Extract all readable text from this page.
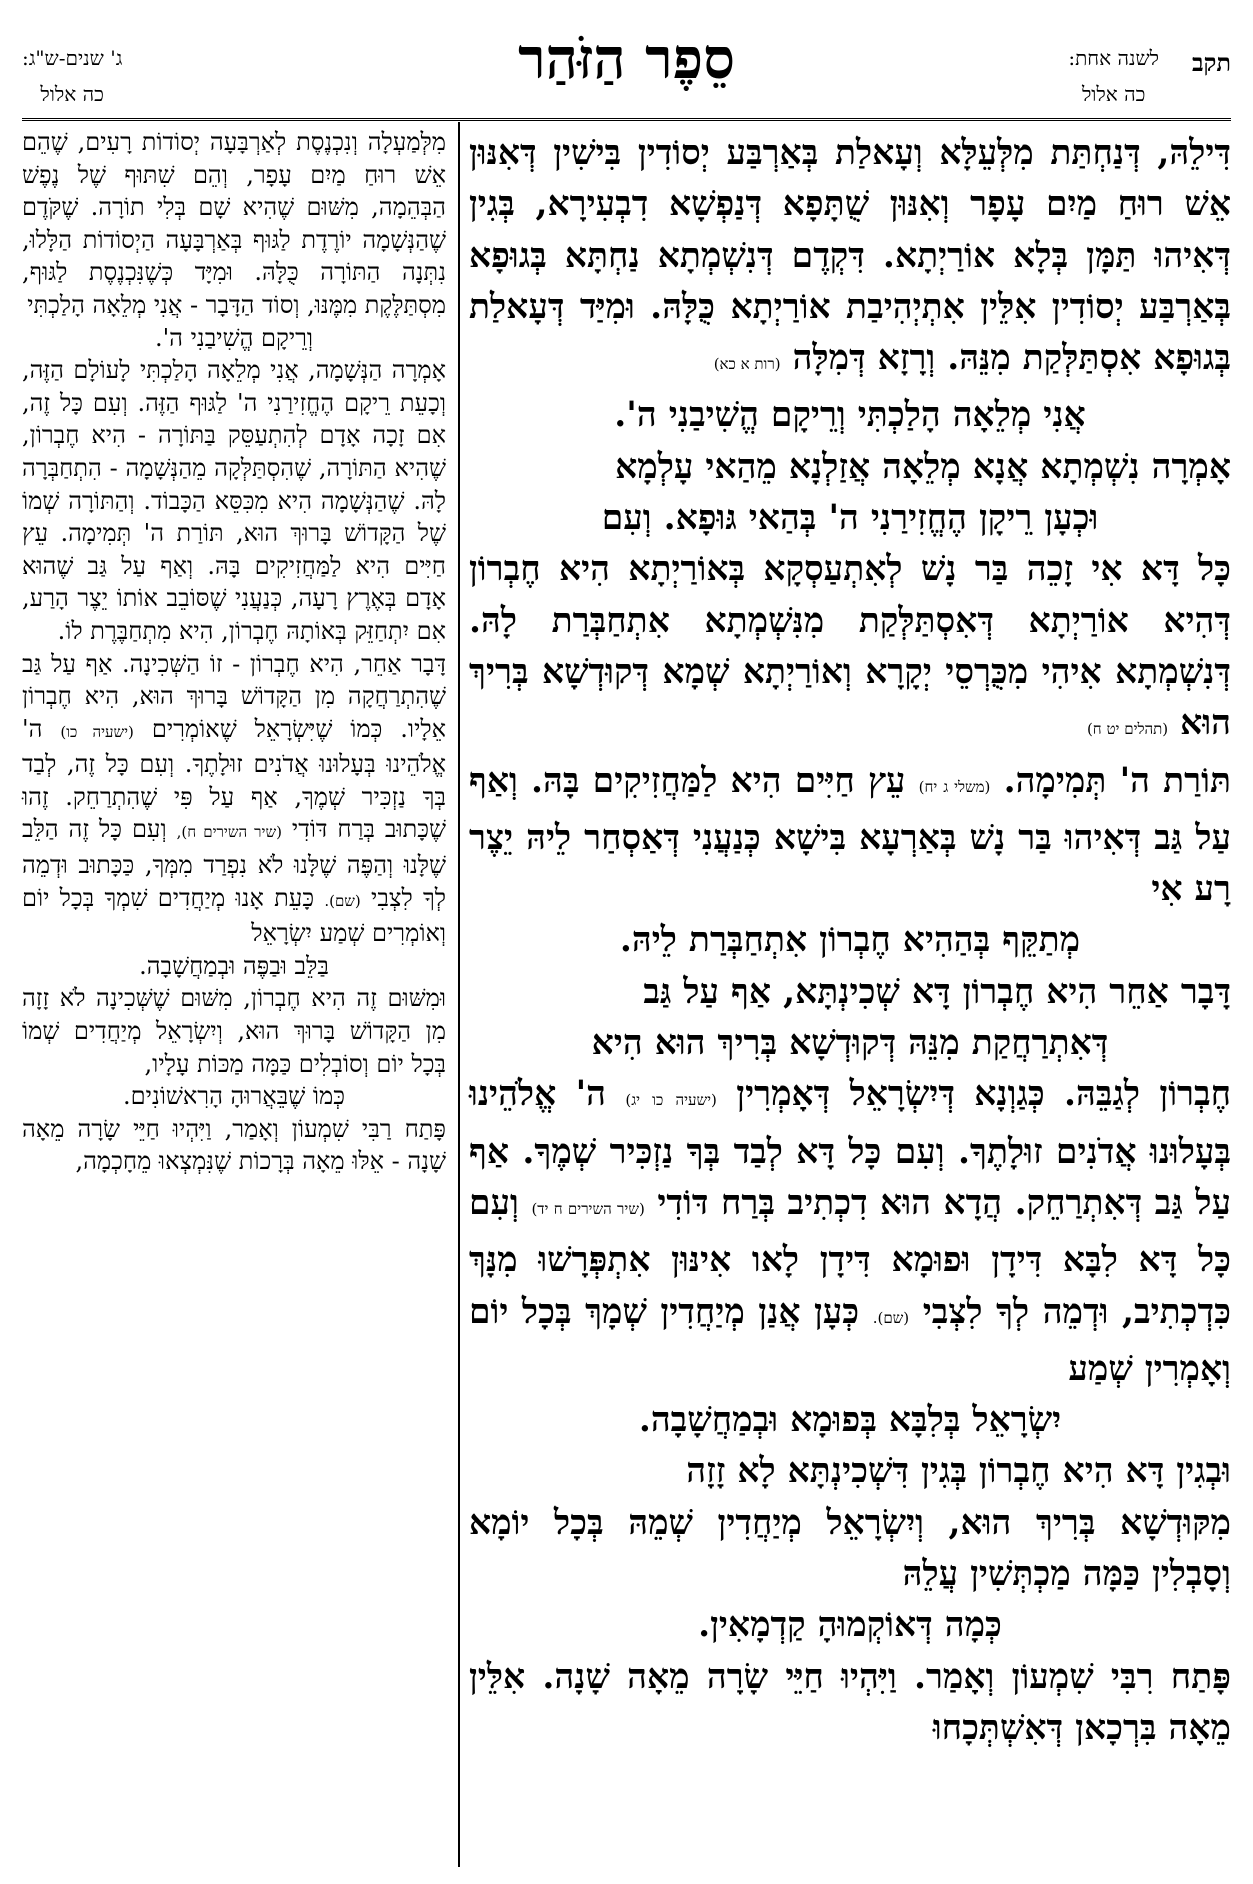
תקב
לשנה אחת:
כה אלול
סֵפֶר הַזֹּהַר
ג' שנים-ש"ג:
כה אלול

דִּילֵהּ, דְּנַחְתַּת מִלְּעֵלָּא וְעָאלַת בְּאַרְבַּע יְסוֹדִין בִּישִׁין דְּאִנּוּן אֵשׁ רוּחַ מַיִם עָפָר וְאִנּוּן שֻׁתָּפָא דְּנַפְשָׁא דִבְעִירָא, בְּגִין דְּאִיהוּ תַּמָּן בְּלָא אוֹרַיְתָא. דִּקְדֶם דְּנִשְׁמְתָא נַחְתָּא בְּגוּפָא בְּאַרְבַּע יְסוֹדִין אִלֵּין אִתְיְהִיבַת אוֹרַיְתָא כֻּלָּהּ. וּמִיַּד דְּעָאלַת בְּגוּפָא אִסְתַּלְּקַת מִנֵּהּ. וְרָזָא דְּמִלָּה (רות א כא)

אֲנִי מְלֵאָה הָלַכְתִּי וְרֵיקָם הֱשִׁיבַנִי ה'.

אָמְרָה נִשְׁמְתָא אֲנָא מְלֵאָה אֲזַלְנָא מֵהַאי עָלְמָא

וּכְעָן רֵיקָן הֶחֱזִירַנִי ה' בְּהַאי גּוּפָא. וְעִם

כָּל דָּא אִי זָכֵה בַּר נָשׁ לְאִתְעַסְקָא בְּאוֹרַיְתָא הִיא חֶבְרוֹן דְּהִיא אוֹרַיְתָא דְּאִסְתַּלְּקַת מִנִּשְׁמְתָא אִתְחַבְּרַת לָהּ. דְּנִשְׁמְתָא אִיהִי מִכֻּרְסֵי יְקָרָא וְאוֹרַיְתָא שְׁמָא דְּקוּדְשָׁא בְּרִיךְ הוּא (תהלים יט ח)

תּוֹרַת ה' תְּמִימָה. (משלי ג יח) עֵץ חַיִּים הִיא לַמַּחֲזִיקִים בָּהּ. וְאַף עַל גַּב דְּאִיהוּ בַּר נָשׁ בְּאַרְעָא בִּישָׁא כְּנַעֲנִי דְּאַסְחַר לֵיהּ יֵצֶר רָע אִי

מְתַקֵּף בְּהַהִיא חֶבְרוֹן אִתְחַבְּרַת לֵיהּ.

דָּבָר אַחֵר הִיא חֶבְרוֹן דָּא שְׁכִינְתָּא, אַף עַל גַּב

דְּאִתְרַחֲקַת מִנֵּהּ דְּקוּדְשָׁא בְּרִיךְ הוּא הִיא

חֶבְרוֹן לְגַבֵּהּ. כְּגַוְנָא דְּיִשְׂרָאֵל דְּאָמְרִין (ישעיה כו יג) ה' אֱלֹהֵינוּ בְּעָלוּנוּ אֲדֹנִים זוּלָתֶךָ. וְעִם כָּל דָּא לְבַד בְּךָ נַזְכִּיר שְׁמֶךָ. אַף עַל גַּב דְּאִתְרַחֵק. הֲדָא הוּא דִכְתִיב בְּרַח דּוֹדִי (שיר השירים ח יד) וְעִם כָּל דָּא לִבָּא דִּידָן וּפוּמָא דִּידָן לָאו אִינּוּן אִתְפְּרָשׁוּ מִנָּךְ כִּדְכְתִיב, וּדְמֵה לְךָ לִצְבִי (שם). כְּעָן אֲנַן מְיַחֲדִין שְׁמָךְ בְּכָל יוֹם וְאָמְרִין שְׁמַע

יִשְׂרָאֵל בְּלִבָּא בְּפוּמָא וּבְמַחֲשָׁבָה.

וּבְגִין דָּא הִיא חֶבְרוֹן בְּגִין דִּשְׁכִינְתָּא לָא זָזָה

מִקּוּדְשָׁא בְּרִיךְ הוּא, וְיִשְׂרָאֵל מְיַחֲדִין שְׁמֵהּ בְּכָל יוֹמָא וְסָבְלִין כַּמָּה מַכְתְּשִׁין עֲלֵהּ

כְּמָה דְּאוֹקְמוּהָ קַדְמָאִין.

פָּתַח רִבִּי שִׁמְעוֹן וְאָמַר. וַיִּהְיוּ חַיֵּי שָׂרָה מֵאָה שָׁנָה. אִלֵּין מֵאָה בִּרְכָאן דְּאִשְׁתְּכָחוּ

מִלְּמַעְלָה וְנִכְנֶסֶת לְאַרְבָּעָה יְסוֹדוֹת רָעִים, שֶׁהֵם אֵשׁ רוּחַ מַיִם עָפָר, וְהֵם שִׁתּוּף שֶׁל נֶפֶשׁ הַבְּהֵמָה, מִשּׁוּם שֶׁהִיא שָׁם בְּלִי תוֹרָה. שֶׁקֹּדֶם שֶׁהַנְּשָׁמָה יוֹרֶדֶת לַגּוּף בְּאַרְבָּעָה הַיְסוֹדוֹת הַלָּלוּ, נִתְּנָה הַתּוֹרָה כֻּלָּהּ. וּמִיָּד כְּשֶׁנִּכְנֶסֶת לַגּוּף, מִסְתַּלֶּקֶת מִמֶּנּוּ, וְסוֹד הַדָּבָר - אֲנִי מְלֵאָה הָלַכְתִּי

וְרֵיקָם הֱשִׁיבַנִי ה'.

אָמְרָה הַנְּשָׁמָה, אֲנִי מְלֵאָה הָלַכְתִּי לָעוֹלָם הַזֶּה, וְכָעֵת רֵיקָם הֶחֱזִירַנִי ה' לַגּוּף הַזֶּה. וְעִם כָּל זֶה, אִם זָכָה אָדָם לְהִתְעַסֵּק בַּתּוֹרָה - הִיא חֶבְרוֹן, שֶׁהִיא הַתּוֹרָה, שֶׁהִסְתַּלְּקָה מֵהַנְּשָׁמָה - הִתְחַבְּרָה לָהּ. שֶׁהַנְּשָׁמָה הִיא מִכִּסֵּא הַכָּבוֹד. וְהַתּוֹרָה שְׁמוֹ שֶׁל הַקָּדוֹשׁ בָּרוּךְ הוּא, תּוֹרַת ה' תְּמִימָה. עֵץ חַיִּים הִיא לַמַּחֲזִיקִים בָּהּ. וְאַף עַל גַּב שֶׁהוּא אָדָם בְּאֶרֶץ רָעָה, כְּנַעֲנִי שֶׁסּוֹבֵב אוֹתוֹ יֵצֶר הָרַע, אִם יִתְחַזֵּק בְּאוֹתָהּ חֶבְרוֹן, הִיא מִתְחַבֶּרֶת לוֹ.

דָּבָר אַחֵר, הִיא חֶבְרוֹן - זוֹ הַשְּׁכִינָה. אַף עַל גַּב שֶׁהִתְרַחֲקָה מִן הַקָּדוֹשׁ בָּרוּךְ הוּא, הִיא חֶבְרוֹן אֵלָיו. כְּמוֹ שֶׁיִּשְׂרָאֵל שֶׁאוֹמְרִים (ישעיה כו) ה' אֱלֹהֵינוּ בְּעָלוּנוּ אֲדֹנִים זוּלָתֶךָ. וְעִם כָּל זֶה, לְבַד בְּךָ נַזְכִּיר שְׁמֶךָ, אַף עַל פִּי שֶׁהִתְרַחֵק. זֶהוּ שֶׁכָּתוּב בְּרַח דּוֹדִי (שיר השירים ח), וְעִם כָּל זֶה הַלֵּב שֶׁלָּנוּ וְהַפֶּה שֶׁלָּנוּ לֹא נִפְרַד מִמְּךָ, כַּכָּתוּב וּדְמֵה לְךָ לִצְבִי (שם). כָּעֵת אָנוּ מְיַחֲדִים שִׁמְךָ בְּכָל יוֹם וְאוֹמְרִים שְׁמַע יִשְׂרָאֵל

בַּלֵּב וּבַפֶּה וּבְמַחֲשָׁבָה.

וּמִשּׁוּם זֶה הִיא חֶבְרוֹן, מִשּׁוּם שֶׁשְּׁכִינָה לֹא זָזָה מִן הַקָּדוֹשׁ בָּרוּךְ הוּא, וְיִשְׂרָאֵל מְיַחֲדִים שְׁמוֹ בְּכָל יוֹם וְסוֹבְלִים כַּמָּה מַכּוֹת עָלָיו,

כְּמוֹ שֶׁבֵּאֲרוּהָ הָרִאשׁוֹנִים.

פָּתַח רַבִּי שִׁמְעוֹן וְאָמַר, וַיִּהְיוּ חַיֵּי שָׂרָה מֵאָה שָׁנָה - אֵלּוּ מֵאָה בְּרָכוֹת שֶׁנִּמְצְאוּ מֵחָכְמָה,
